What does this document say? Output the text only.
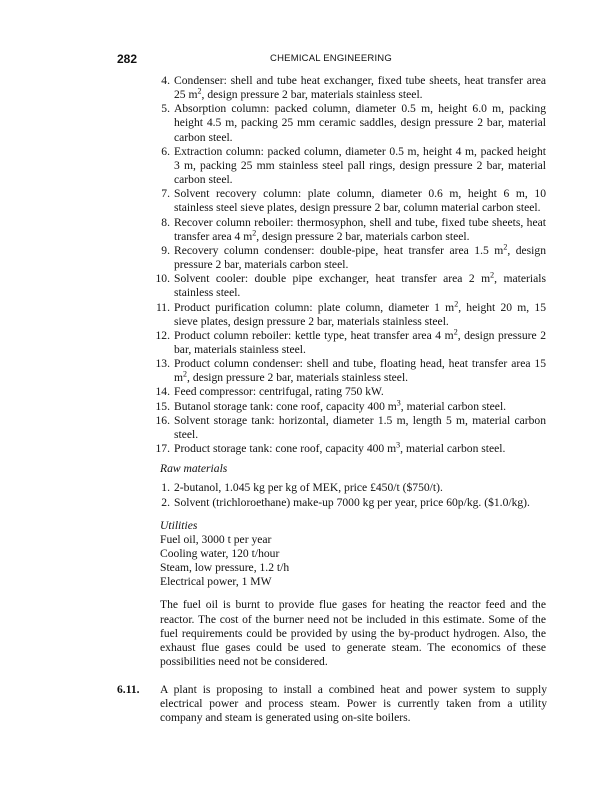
282	CHEMICAL ENGINEERING
4. Condenser: shell and tube heat exchanger, fixed tube sheets, heat transfer area 25 $m^2$, design pressure 2 bar, materials stainless steel.
5. Absorption column: packed column, diameter 0.5 m, height 6.0 m, packing height 4.5 m, packing 25 mm ceramic saddles, design pressure 2 bar, material carbon steel.
6. Extraction column: packed column, diameter 0.5 m, height 4 m, packed height 3 m, packing 25 mm stainless steel pall rings, design pressure 2 bar, material carbon steel.
7. Solvent recovery column: plate column, diameter 0.6 m, height 6 m, 10 stainless steel sieve plates, design pressure 2 bar, column material carbon steel.
8. Recover column reboiler: thermosyphon, shell and tube, fixed tube sheets, heat transfer area 4 $m^2$, design pressure 2 bar, materials carbon steel.
9. Recovery column condenser: double-pipe, heat transfer area 1.5 $m^2$, design pressure 2 bar, materials carbon steel.
10. Solvent cooler: double pipe exchanger, heat transfer area 2 $m^2$, materials stainless steel.
11. Product purification column: plate column, diameter 1 $m^2$, height 20 m, 15 sieve plates, design pressure 2 bar, materials stainless steel.
12. Product column reboiler: kettle type, heat transfer area 4 $m^2$, design pressure 2 bar, materials stainless steel.
13. Product column condenser: shell and tube, floating head, heat transfer area 15 $m^2$, design pressure 2 bar, materials stainless steel.
14. Feed compressor: centrifugal, rating 750 kW.
15. Butanol storage tank: cone roof, capacity 400 $m^3$, material carbon steel.
16. Solvent storage tank: horizontal, diameter 1.5 m, length 5 m, material carbon steel.
17. Product storage tank: cone roof, capacity 400 $m^3$, material carbon steel.
Raw materials
1. 2-butanol, 1.045 kg per kg of MEK, price £450/t ($750/t).
2. Solvent (trichloroethane) make-up 7000 kg per year, price 60p/kg. ($1.0/kg).
Utilities
Fuel oil, 3000 t per year
Cooling water, 120 t/hour
Steam, low pressure, 1.2 t/h
Electrical power, 1 MW
The fuel oil is burnt to provide flue gases for heating the reactor feed and the reactor. The cost of the burner need not be included in this estimate. Some of the fuel requirements could be provided by using the by-product hydrogen. Also, the exhaust flue gases could be used to generate steam. The economics of these possibilities need not be considered.
6.11. A plant is proposing to install a combined heat and power system to supply electrical power and process steam. Power is currently taken from a utility company and steam is generated using on-site boilers.
